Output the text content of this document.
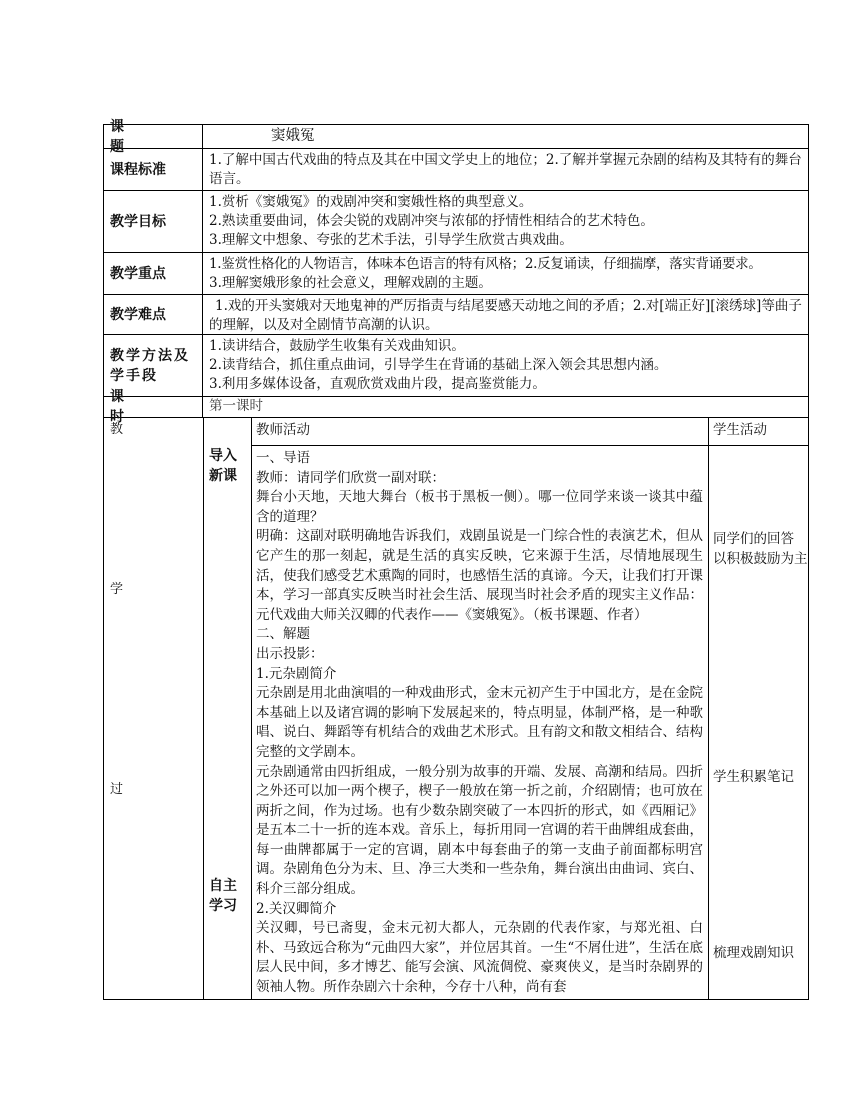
课　　题
窦娥冤
课程标准

1.了解中国古代戏曲的特点及其在中国文学史上的地位；2.了解并掌握元杂剧的结构及其特有的舞台语言。

教学目标

1.赏析《窦娥冤》的戏剧冲突和窦娥性格的典型意义。

2.熟读重要曲词，体会尖锐的戏剧冲突与浓郁的抒情性相结合的艺术特色。

3.理解文中想象、夸张的艺术手法，引导学生欣赏古典戏曲。

教学重点

1.鉴赏性格化的人物语言，体味本色语言的特有风格；2.反复诵读，仔细揣摩，落实背诵要求。

3.理解窦娥形象的社会意义，理解戏剧的主题。

教学难点

1.戏的开头窦娥对天地鬼神的严厉指责与结尾要感天动地之间的矛盾；2.对[端正好][滚绣球]等曲子的理解，以及对全剧情节高潮的认识。

教学方法及学手段

1.读讲结合，鼓励学生收集有关戏曲知识。

2.读背结合，抓住重点曲词，引导学生在背诵的基础上深入领会其思想内涵。

3.利用多媒体设备，直观欣赏戏曲片段，提高鉴赏能力。

课　　时
第一课时
教
学
过
导入新课
自主学习
教师活动

一、导语

教师：请同学们欣赏一副对联：

舞台小天地，天地大舞台（板书于黑板一侧）。哪一位同学来谈一谈其中蕴含的道理？

明确：这副对联明确地告诉我们，戏剧虽说是一门综合性的表演艺术，但从它产生的那一刻起，就是生活的真实反映，它来源于生活，尽情地展现生活，使我们感受艺术熏陶的同时，也感悟生活的真谛。今天，让我们打开课本，学习一部真实反映当时社会生活、展现当时社会矛盾的现实主义作品：元代戏曲大师关汉卿的代表作——《窦娥冤》。（板书课题、作者）

二、解题

出示投影：

1.元杂剧简介

元杂剧是用北曲演唱的一种戏曲形式，金末元初产生于中国北方，是在金院本基础上以及诸宫调的影响下发展起来的，特点明显，体制严格，是一种歌唱、说白、舞蹈等有机结合的戏曲艺术形式。且有韵文和散文相结合、结构完整的文学剧本。

元杂剧通常由四折组成，一般分别为故事的开端、发展、高潮和结局。四折之外还可以加一两个楔子，楔子一般放在第一折之前，介绍剧情；也可放在两折之间，作为过场。也有少数杂剧突破了一本四折的形式，如《西厢记》是五本二十一折的连本戏。音乐上，每折用同一宫调的若干曲牌组成套曲，每一曲牌都属于一定的宫调，剧本中每套曲子的第一支曲子前面都标明宫调。杂剧角色分为末、旦、净三大类和一些杂角，舞台演出由曲词、宾白、科介三部分组成。

2.关汉卿简介

关汉卿，号已斋叟，金末元初大都人，元杂剧的代表作家，与郑光祖、白朴、马致远合称为“元曲四大家”，并位居其首。一生“不屑仕进”，生活在底层人民中间，多才博艺、能写会演、风流倜傥、豪爽侠义，是当时杂剧界的领袖人物。所作杂剧六十余种，今存十八种，尚有套

学生活动
同学们的回答
以积极鼓励为主
学生积累笔记
梳理戏剧知识
